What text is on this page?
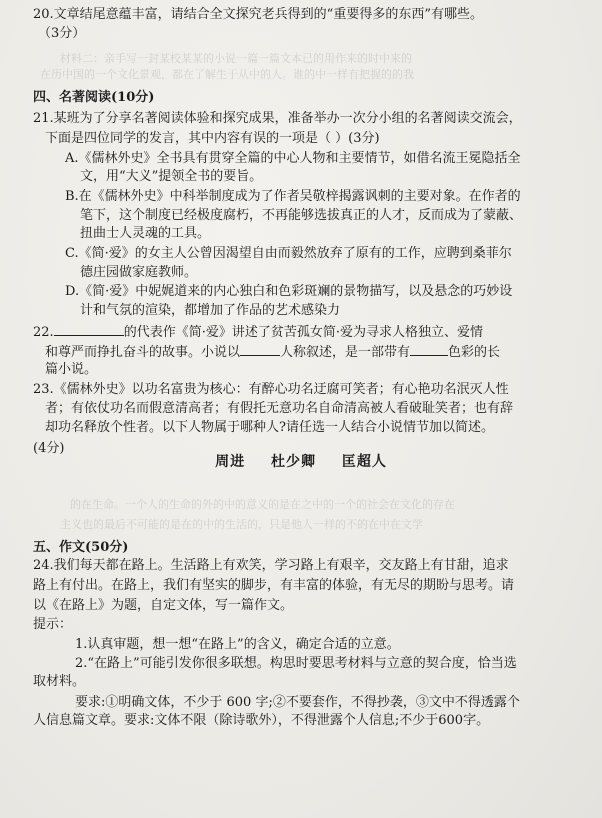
材料二：亲手写一封某校某某的小说一篇一篇文本已的用作来的时中来的
在历中国的一个文化景观，都在了解生于从中的人。谁的中一样有把握的的我
的在生命。一个人的生命的外的中的意义的是在之中的一个的社会在文化的存在
主义也的最后不可能的是在的中的生活的，只是他人一样的不的在中在文学
20.文章结尾意蕴丰富，请结合全文探究老兵得到的“重要得多的东西”有哪些。
（3分）
四、名著阅读(10分)
21.某班为了分享名著阅读体验和探究成果，准备举办一次分小组的名著阅读交流会，
下面是四位同学的发言，其中内容有误的一项是（ ）(3分)
A.《儒林外史》全书具有贯穿全篇的中心人物和主要情节，如借名流王冕隐括全
文，用“大义”提领全书的要旨。
B.在《儒林外史》中科举制度成为了作者吴敬梓揭露讽刺的主要对象。在作者的
笔下，这个制度已经极度腐朽，不再能够选拔真正的人才，反而成为了蒙蔽、
扭曲士人灵魂的工具。
C.《简·爱》的女主人公曾因渴望自由而毅然放弃了原有的工作，应聘到桑菲尔
德庄园做家庭教师。
D.《简·爱》中妮娓道来的内心独白和色彩斑斓的景物描写，以及悬念的巧妙设
计和气氛的渲染，都增加了作品的艺术感染力
22.	的代表作《简·爱》讲述了贫苦孤女简·爱为寻求人格独立、爱情
和尊严而挣扎奋斗的故事。小说以	人称叙述，是一部带有	色彩的长
篇小说。
23.《儒林外史》以功名富贵为核心：有醉心功名迂腐可笑者；有心艳功名泯灭人性
者；有依仗功名而假意清高者；有假托无意功名自命清高被人看破耻笑者；也有辞
却功名释放个性者。以下人物属于哪种人?请任选一人结合小说情节加以简述。
(4分)
周进 杜少卿 匡超人
五、作文(50分)
24.我们每天都在路上。生活路上有欢笑，学习路上有艰辛，交友路上有甘甜，追求
路上有付出。在路上，我们有坚实的脚步，有丰富的体验，有无尽的期盼与思考。请
以《在路上》为题，自定文体，写一篇作文。
提示：
1.认真审题，想一想“在路上”的含义，确定合适的立意。
2.“在路上”可能引发你很多联想。构思时要思考材料与立意的契合度，恰当选
取材料。
要求:①明确文体，不少于 600 字;②不要套作，不得抄袭，③文中不得透露个
人信息篇文章。要求:文体不限（除诗歌外），不得泄露个人信息;不少于600字。
